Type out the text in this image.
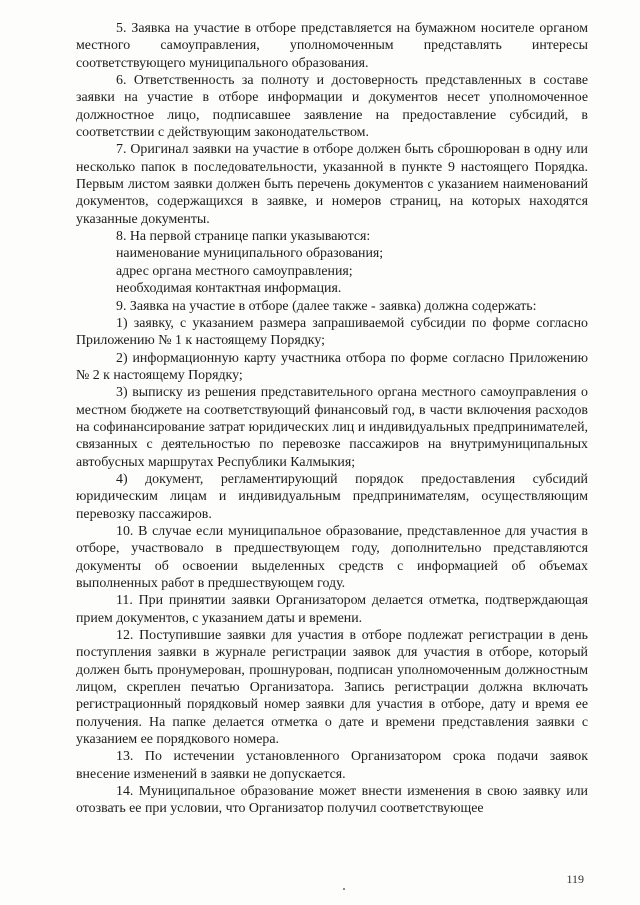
5. Заявка на участие в отборе представляется на бумажном носителе органом местного самоуправления, уполномоченным представлять интересы соответствующего муниципального образования.

6. Ответственность за полноту и достоверность представленных в составе заявки на участие в отборе информации и документов несет уполномоченное должностное лицо, подписавшее заявление на предоставление субсидий, в соответствии с действующим законодательством.

7. Оригинал заявки на участие в отборе должен быть сброшюрован в одну или несколько папок в последовательности, указанной в пункте 9 настоящего Порядка. Первым листом заявки должен быть перечень документов с указанием наименований документов, содержащихся в заявке, и номеров страниц, на которых находятся указанные документы.

8. На первой странице папки указываются:

наименование муниципального образования;

адрес органа местного самоуправления;

необходимая контактная информация.

9. Заявка на участие в отборе (далее также - заявка) должна содержать:

1) заявку, с указанием размера запрашиваемой субсидии по форме согласно Приложению № 1 к настоящему Порядку;

2) информационную карту участника отбора по форме согласно Приложению № 2 к настоящему Порядку;

3) выписку из решения представительного органа местного самоуправления о местном бюджете на соответствующий финансовый год, в части включения расходов на софинансирование затрат юридических лиц и индивидуальных предпринимателей, связанных с деятельностью по перевозке пассажиров на внутримуниципальных автобусных маршрутах Республики Калмыкия;

4) документ, регламентирующий порядок предоставления субсидий юридическим лицам и индивидуальным предпринимателям, осуществляющим перевозку пассажиров.

10. В случае если муниципальное образование, представленное для участия в отборе, участвовало в предшествующем году, дополнительно представляются документы об освоении выделенных средств с информацией об объемах выполненных работ в предшествующем году.

11. При принятии заявки Организатором делается отметка, подтверждающая прием документов, с указанием даты и времени.

12. Поступившие заявки для участия в отборе подлежат регистрации в день поступления заявки в журнале регистрации заявок для участия в отборе, который должен быть пронумерован, прошнурован, подписан уполномоченным должностным лицом, скреплен печатью Организатора. Запись регистрации должна включать регистрационный порядковый номер заявки для участия в отборе, дату и время ее получения. На папке делается отметка о дате и времени представления заявки с указанием ее порядкового номера.

13. По истечении установленного Организатором срока подачи заявок внесение изменений в заявки не допускается.

14. Муниципальное образование может внести изменения в свою заявку или отозвать ее при условии, что Организатор получил соответствующее

119
